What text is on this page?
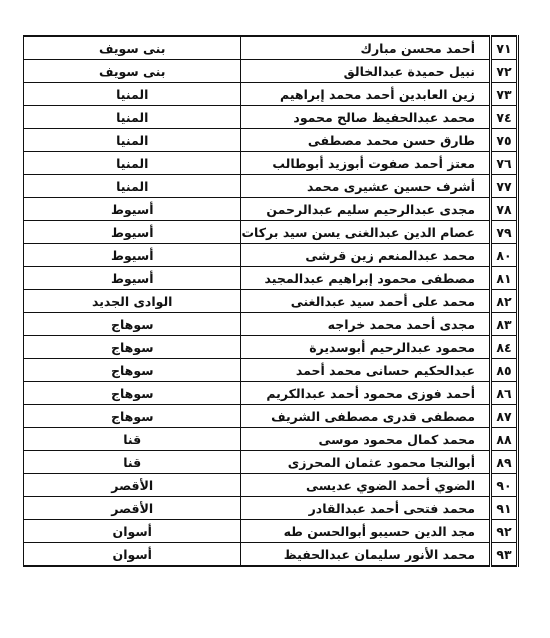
٧١	أحمد محسن مبارك	بنى سويف
٧٢	نبيل حميدة عبدالخالق	بنى سويف
٧٣	زين العابدين أحمد محمد إبراهيم	المنيا
٧٤	محمد عبدالحفيظ صالح محمود	المنيا
٧٥	طارق حسن محمد مصطفى	المنيا
٧٦	معتز أحمد صفوت أبوزيد أبوطالب	المنيا
٧٧	أشرف حسين عشيرى محمد	المنيا
٧٨	مجدى عبدالرحيم سليم عبدالرحمن	أسيوط
٧٩	عصام الدين عبدالغنى يسن سيد بركات	أسيوط
٨٠	محمد عبدالمنعم زين قرشى	أسيوط
٨١	مصطفى محمود إبراهيم عبدالمجيد	أسيوط
٨٢	محمد على أحمد سيد عبدالغنى	الوادى الجديد
٨٣	مجدى أحمد محمد خراجه	سوهاج
٨٤	محمود عبدالرحيم أبوسديرة	سوهاج
٨٥	عبدالحكيم حسانى محمد أحمد	سوهاج
٨٦	أحمد فوزى محمود أحمد عبدالكريم	سوهاج
٨٧	مصطفى قدرى مصطفى الشريف	سوهاج
٨٨	محمد كمال محمود موسى	قنا
٨٩	أبوالنجا محمود عثمان المحرزى	قنا
٩٠	الضوي أحمد الضوي عديسى	الأقصر
٩١	محمد فتحى أحمد عبدالقادر	الأقصر
٩٢	مجد الدين حسيبو أبوالحسن طه	أسوان
٩٣	محمد الأنور سليمان عبدالحفيظ	أسوان
